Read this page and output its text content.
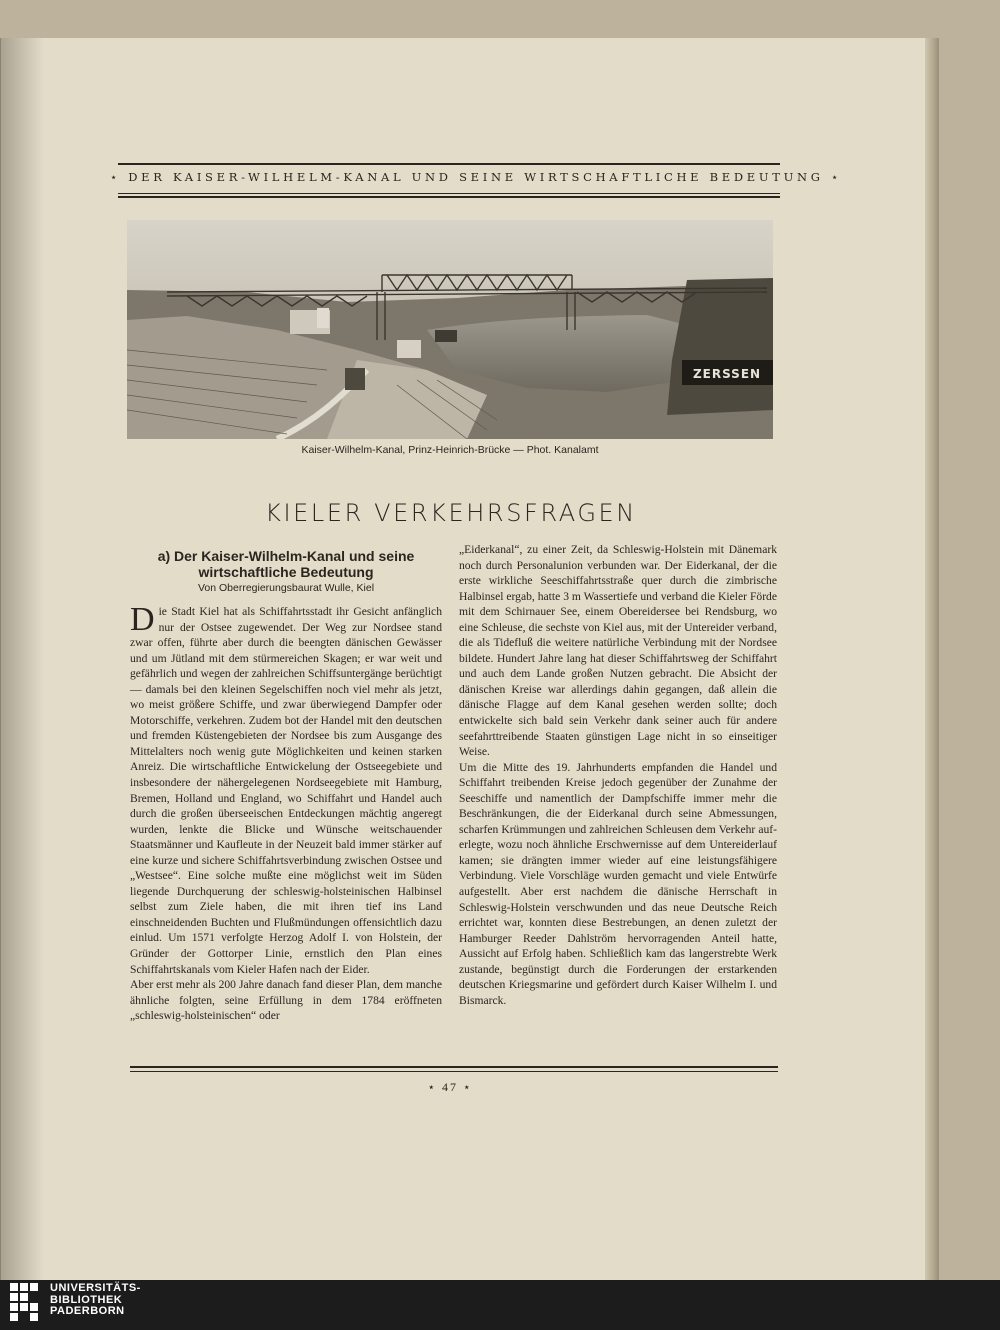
⋆ DER KAISER-WILHELM-KANAL UND SEINE WIRTSCHAFTLICHE BEDEUTUNG ⋆
ZERSSEN
Kaiser-Wilhelm-Kanal, Prinz-Heinrich-Brücke — Phot. Kanalamt
KIELER VERKEHRSFRAGEN
a) Der Kaiser-Wilhelm-Kanal und seine
wirtschaftliche Bedeutung
Von Oberregierungsbaurat Wulle, Kiel

Die Stadt Kiel hat als Schiffahrtsstadt ihr Gesicht anfänglich nur der Ostsee zugewendet. Der Weg zur Nordsee stand zwar offen, führte aber durch die beengten dänischen Gewässer und um Jütland mit dem stürmereichen Skagen; er war weit und gefährlich und wegen der zahlreichen Schiffsuntergänge berüchtigt — damals bei den kleinen Segelschiffen noch viel mehr als jetzt, wo meist größere Schiffe, und zwar überwiegend Dampfer oder Motorschiffe, verkehren. Zudem bot der Handel mit den deutschen und fremden Küstengebieten der Nordsee bis zum Ausgange des Mittelalters noch wenig gute Möglichkeiten und keinen starken Anreiz. Die wirtschaftliche Entwickelung der Ostseegebiete und insbesondere der nähergelegenen Nordseegebiete mit Hamburg, Bremen, Holland und England, wo Schiffahrt und Handel auch durch die großen überseeischen Entdeckungen mächtig angeregt wurden, lenkte die Blicke und Wünsche weitschauender Staatsmänner und Kaufleute in der Neuzeit bald immer stärker auf eine kurze und sichere Schiffahrtsverbindung zwischen Ostsee und „Westsee“. Eine solche mußte eine möglichst weit im Süden liegende Durchquerung der schleswig-holsteinischen Halbinsel selbst zum Ziele haben, die mit ihren tief ins Land einschneidenden Buchten und Flußmündungen offensichtlich dazu einlud. Um 1571 verfolgte Herzog Adolf I. von Holstein, der Gründer der Gottorper Linie, ernstlich den Plan eines Schiffahrtskanals vom Kieler Hafen nach der Eider.

Aber erst mehr als 200 Jahre danach fand dieser Plan, dem manche ähnliche folgten, seine Erfüllung in dem 1784 eröffneten „schleswig-holsteinischen“ oder

„Eiderkanal“, zu einer Zeit, da Schleswig-Holstein mit Dänemark noch durch Personalunion verbunden war. Der Eiderkanal, der die erste wirkliche Seeschiffahrtsstraße quer durch die zimbrische Halbinsel ergab, hatte 3 m Wassertiefe und verband die Kieler Förde mit dem Schirnauer See, einem Obereidersee bei Rendsburg, wo eine Schleuse, die sechste von Kiel aus, mit der Untereider verband, die als Tidefluß die weitere natürliche Verbindung mit der Nordsee bildete. Hundert Jahre lang hat dieser Schiffahrtsweg der Schiffahrt und auch dem Lande großen Nutzen gebracht. Die Absicht der dänischen Kreise war allerdings dahin gegangen, daß allein die dänische Flagge auf dem Kanal gesehen werden sollte; doch entwickelte sich bald sein Verkehr dank seiner auch für andere seefahrttreibende Staaten günstigen Lage nicht in so einseitiger Weise.

Um die Mitte des 19. Jahrhunderts empfanden die Handel und Schiffahrt treibenden Kreise jedoch gegenüber der Zunahme der Seeschiffe und namentlich der Dampfschiffe immer mehr die Beschränkungen, die der Eiderkanal durch seine Abmessungen, scharfen Krümmungen und zahlreichen Schleusen dem Verkehr auferlegte, wozu noch ähnliche Erschwernisse auf dem Untereiderlauf kamen; sie drängten immer wieder auf eine leistungsfähigere Verbindung. Viele Vorschläge wurden gemacht und viele Entwürfe aufgestellt. Aber erst nachdem die dänische Herrschaft in Schleswig-Holstein verschwunden und das neue Deutsche Reich errichtet war, konnten diese Bestrebungen, an denen zuletzt der Hamburger Reeder Dahlström hervorragenden Anteil hatte, Aussicht auf Erfolg haben. Schließlich kam das langerstrebte Werk zustande, begünstigt durch die Forderungen der erstarkenden deutschen Kriegsmarine und gefördert durch Kaiser Wilhelm I. und Bismarck.

⋆ 47 ⋆
UNIVERSITÄTS-
BIBLIOTHEK
PADERBORN
